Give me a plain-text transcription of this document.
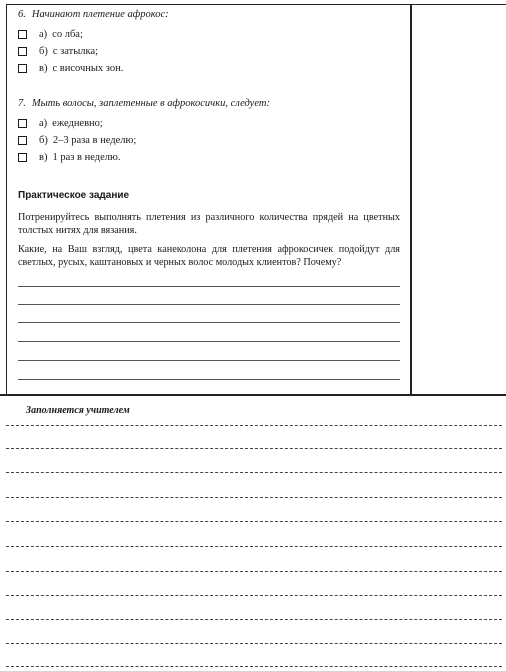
6. Начинают плетение афрокос:
а) со лба;
б) с затылка;
в) с височных зон.
7. Мыть волосы, заплетенные в афрокосички, следует:
а) ежедневно;
б) 2–3 раза в неделю;
в) 1 раз в неделю.
Практическое задание

Потренируйтесь выполнять плетения из различного количества прядей на цветных толстых нитях для вязания.

Какие, на Ваш взгляд, цвета канеколона для плетения афрокосичек подойдут для светлых, русых, каштановых и черных волос молодых клиентов? Почему?

Заполняется учителем
